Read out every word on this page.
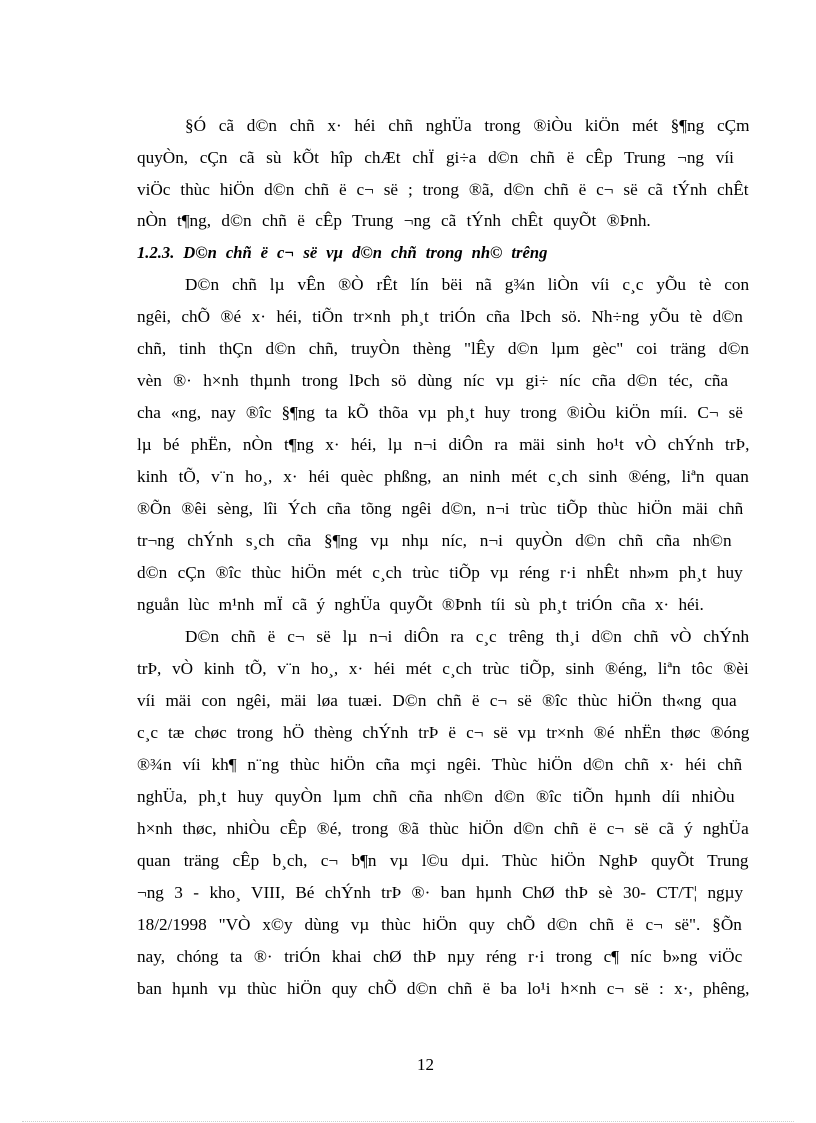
§Ó cã d©n chñ x· héi chñ nghÜa trong ®iÒu kiÖn mét §¶ng cÇm
quyÒn, cÇn cã sù kÕt hîp chÆt chÏ gi÷a d©n chñ ë cÊp Trung ¬ng víi
viÖc thùc hiÖn d©n chñ ë c¬ së ; trong ®ã, d©n chñ ë c¬ së cã tÝnh chÊt
nÒn t¶ng, d©n chñ ë cÊp Trung ¬ng cã tÝnh chÊt quyÕt ®Þnh.
1.2.3. D©n chñ ë c¬ së vµ d©n chñ trong nh© trêng
D©n chñ lµ vÊn ®Ò rÊt lín bëi nã g¾n liÒn víi c¸c yÕu tè con
ngêi, chÕ ®é x· héi, tiÕn tr×nh ph¸t triÓn cña lÞch sö. Nh÷ng yÕu tè d©n
chñ, tinh thÇn d©n chñ, truyÒn thèng "lÊy d©n lµm gèc" coi träng d©n
vèn ®· h×nh thµnh trong lÞch sö dùng níc vµ gi÷ níc cña d©n téc, cña
cha «ng, nay ®îc §¶ng ta kÕ thõa vµ ph¸t huy trong ®iÒu kiÖn míi. C¬ së
lµ bé phËn, nÒn t¶ng x· héi, lµ n¬i diÔn ra mäi sinh ho¹t vÒ chÝnh trÞ,
kinh tÕ, v¨n ho¸, x· héi quèc phßng, an ninh mét c¸ch sinh ®éng, liªn quan
®Õn ®êi sèng, lîi Ých cña tõng ngêi d©n, n¬i trùc tiÕp thùc hiÖn mäi chñ
tr¬ng chÝnh s¸ch cña §¶ng vµ nhµ níc, n¬i quyÒn d©n chñ cña nh©n
d©n cÇn ®îc thùc hiÖn mét c¸ch trùc tiÕp vµ réng r·i nhÊt nh»m ph¸t huy
nguån lùc m¹nh mÏ cã ý nghÜa quyÕt ®Þnh tíi sù ph¸t triÓn cña x· héi.
D©n chñ ë c¬ së lµ n¬i diÔn ra c¸c trêng th¸i d©n chñ vÒ chÝnh
trÞ, vÒ kinh tÕ, v¨n ho¸, x· héi mét c¸ch trùc tiÕp, sinh ®éng, liªn tôc ®èi
víi mäi con ngêi, mäi løa tuæi. D©n chñ ë c¬ së ®îc thùc hiÖn th«ng qua
c¸c tæ chøc trong hÖ thèng chÝnh trÞ ë c¬ së vµ tr×nh ®é nhËn thøc ®óng
®¾n víi kh¶ n¨ng thùc hiÖn cña mçi ngêi. Thùc hiÖn d©n chñ x· héi chñ
nghÜa, ph¸t huy quyÒn lµm chñ cña nh©n d©n ®îc tiÕn hµnh díi nhiÒu
h×nh thøc, nhiÒu cÊp ®é, trong ®ã thùc hiÖn d©n chñ ë c¬ së cã ý nghÜa
quan träng cÊp b¸ch, c¬ b¶n vµ l©u dµi. Thùc hiÖn NghÞ quyÕt Trung
¬ng 3 - kho¸ VIII, Bé chÝnh trÞ ®· ban hµnh ChØ thÞ sè 30- CT/T¦ ngµy
18/2/1998 "VÒ x©y dùng vµ thùc hiÖn quy chÕ d©n chñ ë c¬ së". §Õn
nay, chóng ta ®· triÓn khai chØ thÞ nµy réng r·i trong c¶ níc b»ng viÖc
ban hµnh vµ thùc hiÖn quy chÕ d©n chñ ë ba lo¹i h×nh c¬ së : x·, phêng,
12
